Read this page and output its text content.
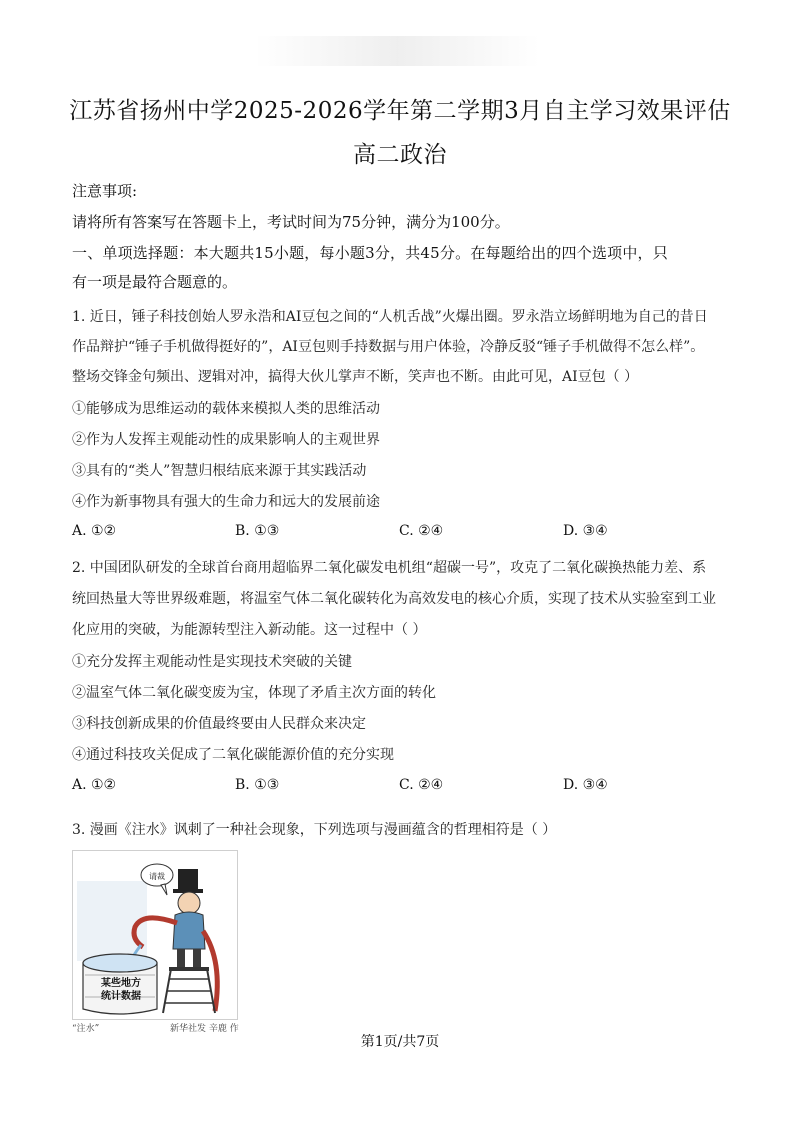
江苏省扬州中学2025-2026学年第二学期3月自主学习效果评估
高二政治
注意事项:
请将所有答案写在答题卡上，考试时间为75分钟，满分为100分。
一、单项选择题：本大题共15小题，每小题3分，共45分。在每题给出的四个选项中，只
有一项是最符合题意的。
1. 近日，锤子科技创始人罗永浩和AI豆包之间的“人机舌战”火爆出圈。罗永浩立场鲜明地为自己的昔日
作品辩护“锤子手机做得挺好的”，AI豆包则手持数据与用户体验，冷静反驳“锤子手机做得不怎么样”。
整场交锋金句频出、逻辑对冲，搞得大伙儿掌声不断，笑声也不断。由此可见，AI豆包（ ）
①能够成为思维运动的载体来模拟人类的思维活动
②作为人发挥主观能动性的成果影响人的主观世界
③具有的“类人”智慧归根结底来源于其实践活动
④作为新事物具有强大的生命力和远大的发展前途
A. ①②	B. ①③	C. ②④	D. ③④
2. 中国团队研发的全球首台商用超临界二氧化碳发电机组“超碳一号”，攻克了二氧化碳换热能力差、系
统回热量大等世界级难题，将温室气体二氧化碳转化为高效发电的核心介质，实现了技术从实验室到工业
化应用的突破，为能源转型注入新动能。这一过程中（ ）
①充分发挥主观能动性是实现技术突破的关键
②温室气体二氧化碳变废为宝，体现了矛盾主次方面的转化
③科技创新成果的价值最终要由人民群众来决定
④通过科技攻关促成了二氧化碳能源价值的充分实现
A. ①②	B. ①③	C. ②④	D. ③④
3. 漫画《注水》讽刺了一种社会现象，下列选项与漫画蕴含的哲理相符是（ ）
请裁
某些地方
统计数据
“注水”	新华社发 辛鹿 作
第1页/共7页
